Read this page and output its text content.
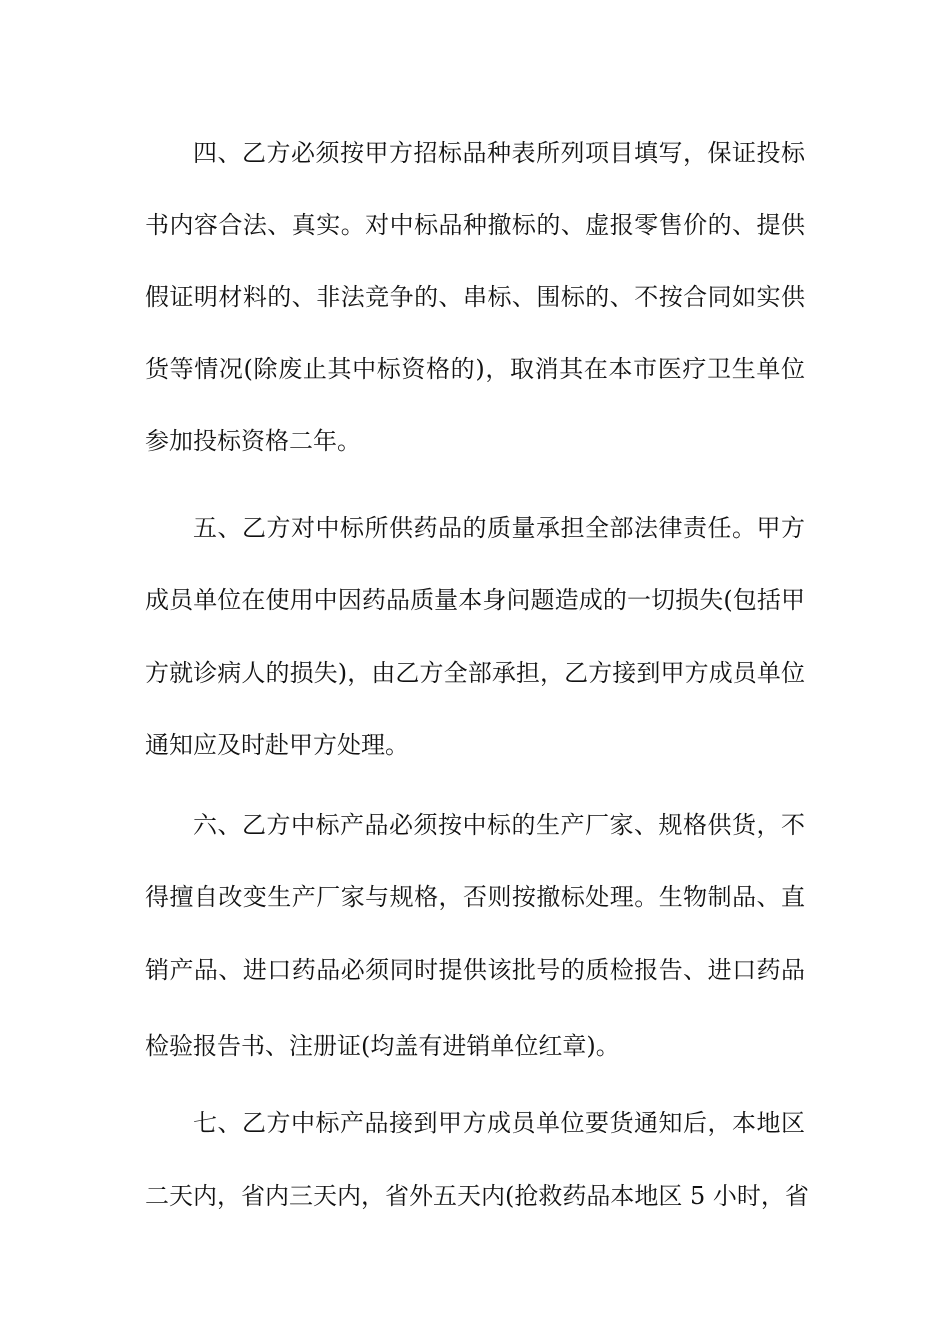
四、乙方必须按甲方招标品种表所列项目填写，保证投标
书内容合法、真实。对中标品种撤标的、虚报零售价的、提供
假证明材料的、非法竞争的、串标、围标的、不按合同如实供
货等情况(除废止其中标资格的)，取消其在本市医疗卫生单位
参加投标资格二年。
五、乙方对中标所供药品的质量承担全部法律责任。甲方
成员单位在使用中因药品质量本身问题造成的一切损失(包括甲
方就诊病人的损失)，由乙方全部承担，乙方接到甲方成员单位
通知应及时赴甲方处理。
六、乙方中标产品必须按中标的生产厂家、规格供货，不
得擅自改变生产厂家与规格，否则按撤标处理。生物制品、直
销产品、进口药品必须同时提供该批号的质检报告、进口药品
检验报告书、注册证(均盖有进销单位红章)。
七、乙方中标产品接到甲方成员单位要货通知后，本地区
二天内，省内三天内，省外五天内(抢救药品本地区 5 小时，省
